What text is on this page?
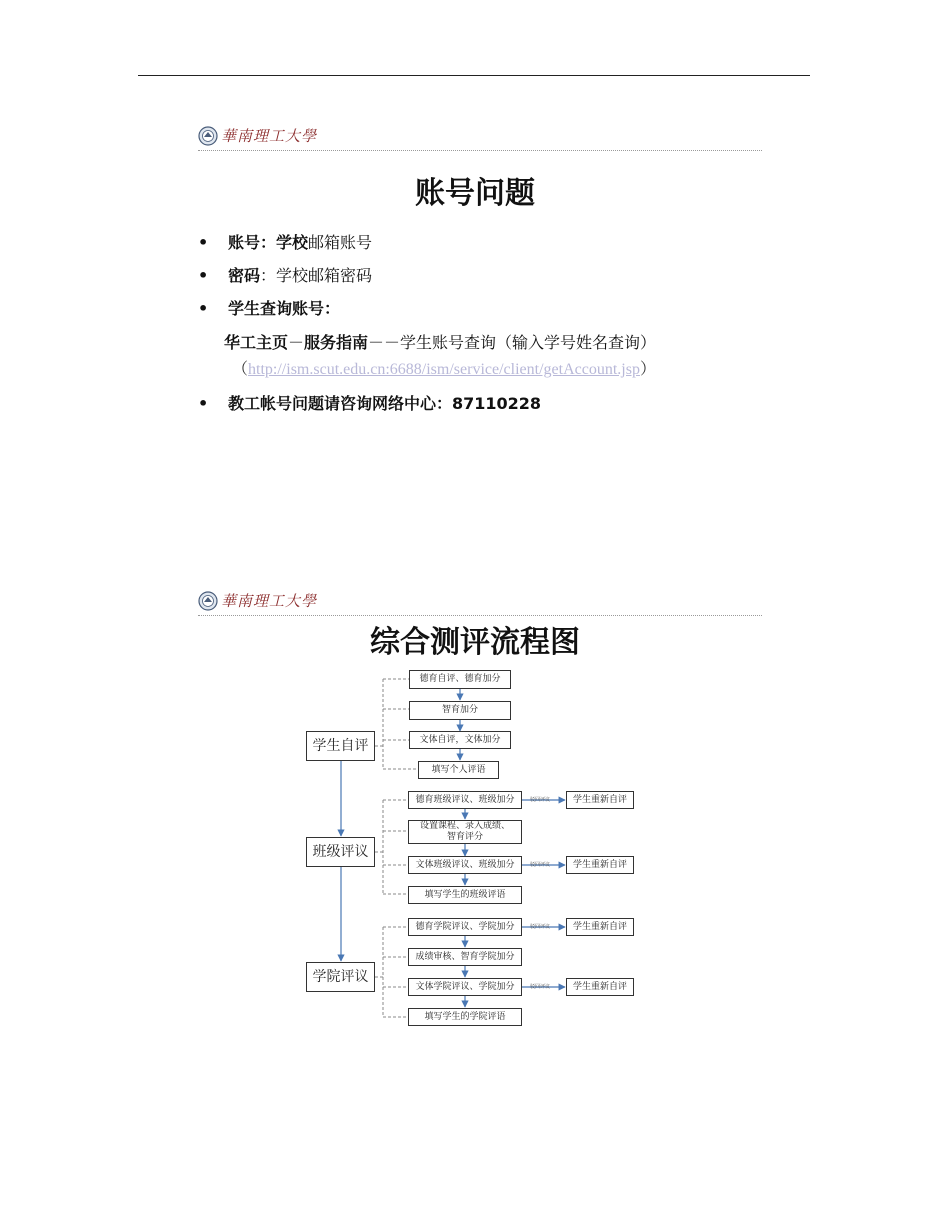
華南理工大學
账号问题
• 账号：学校邮箱账号
• 密码：学校邮箱密码
• 学生查询账号：
华工主页－服务指南－－学生账号查询（输入学号姓名查询）
（http://ism.scut.edu.cn:6688/ism/service/client/getAccount.jsp）
• 教工帐号问题请咨询网络中心：87110228
華南理工大學
综合测评流程图
学生自评
班级评议
学院评议
德育自评、德育加分
智育加分
文体自评，文体加分
填写个人评语
德育班级评议、班级加分
设置课程、录入成绩、
智育评分
文体班级评议、班级加分
填写学生的班级评语
德育学院评议、学院加分
成绩审核、智育学院加分
文体学院评议、学院加分
填写学生的学院评语
驳回评议
驳回评议
驳回评议
驳回评议
学生重新自评
学生重新自评
学生重新自评
学生重新自评
